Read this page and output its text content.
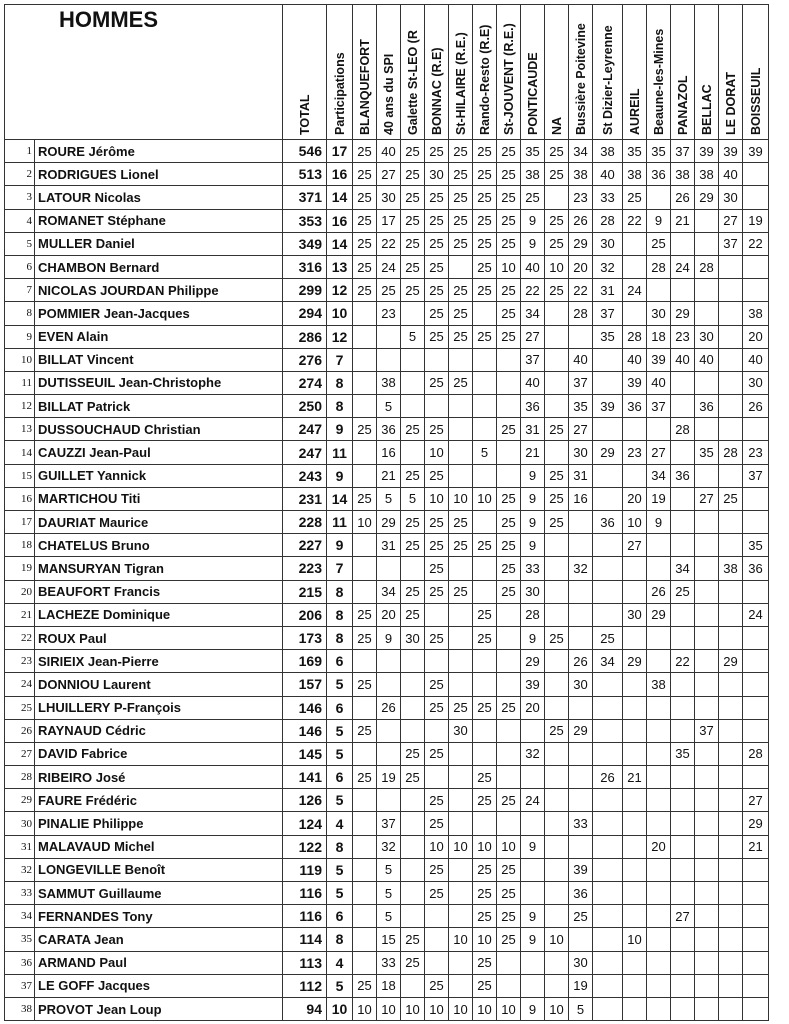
HOMMES		TOTAL	Participations	BLANQUEFORT	40 ans du SPI	Galette St-LEO (R	BONNAC (R.E)	St-HILAIRE (R.E.)	Rando-Resto (R.E)	St-JOUVENT (R.E.)	PONTICAUDE	NA	Bussière Poitevine	St Dizier-Leyrenne	AUREIL	Beaune-les-Mines	PANAZOL	BELLAC	LE DORAT	BOISSEUIL

1	ROURE Jérôme	546	17	25	40	25	25	25	25	25	35	25	34	38	35	35	37	39	39	39
2	RODRIGUES Lionel	513	16	25	27	25	30	25	25	25	38	25	38	40	38	36	38	38	40	
3	LATOUR Nicolas	371	14	25	30	25	25	25	25	25	25		23	33	25		26	29	30	
4	ROMANET Stéphane	353	16	25	17	25	25	25	25	25	9	25	26	28	22	9	21		27	19
5	MULLER Daniel	349	14	25	22	25	25	25	25	25	9	25	29	30		25			37	22
6	CHAMBON Bernard	316	13	25	24	25	25		25	10	40	10	20	32		28	24	28		
7	NICOLAS JOURDAN Philippe	299	12	25	25	25	25	25	25	25	22	25	22	31	24					
8	POMMIER Jean-Jacques	294	10		23		25	25		25	34		28	37		30	29			38
9	EVEN Alain	286	12			5	25	25	25	25	27			35	28	18	23	30		20
10	BILLAT Vincent	276	7								37		40		40	39	40	40		40
11	DUTISSEUIL Jean-Christophe	274	8		38		25	25			40		37		39	40				30
12	BILLAT Patrick	250	8		5						36		35	39	36	37		36		26
13	DUSSOUCHAUD Christian	247	9	25	36	25	25			25	31	25	27				28			
14	CAUZZI Jean-Paul	247	11		16		10		5		21		30	29	23	27		35	28	23
15	GUILLET Yannick	243	9		21	25	25				9	25	31			34	36			37
16	MARTICHOU Titi	231	14	25	5	5	10	10	10	25	9	25	16		20	19		27	25	
17	DAURIAT Maurice	228	11	10	29	25	25	25		25	9	25		36	10	9				
18	CHATELUS Bruno	227	9		31	25	25	25	25	25	9				27					35
19	MANSURYAN Tigran	223	7				25			25	33		32				34		38	36
20	BEAUFORT Francis	215	8		34	25	25	25		25	30					26	25			
21	LACHEZE Dominique	206	8	25	20	25			25		28				30	29				24
22	ROUX Paul	173	8	25	9	30	25		25		9	25		25						
23	SIRIEIX Jean-Pierre	169	6								29		26	34	29		22		29	
24	DONNIOU Laurent	157	5	25			25				39		30			38				
25	LHUILLERY P-François	146	6		26		25	25	25	25	20									
26	RAYNAUD Cédric	146	5	25				30				25	29					37		
27	DAVID Fabrice	145	5			25	25				32						35			28
28	RIBEIRO José	141	6	25	19	25			25					26	21					
29	FAURE Frédéric	126	5				25		25	25	24									27
30	PINALIE Philippe	124	4		37		25						33							29
31	MALAVAUD Michel	122	8		32		10	10	10	10	9					20				21
32	LONGEVILLE Benoît	119	5		5		25		25	25			39							
33	SAMMUT Guillaume	116	5		5		25		25	25			36							
34	FERNANDES Tony	116	6		5				25	25	9		25				27			
35	CARATA Jean	114	8		15	25		10	10	25	9	10			10					
36	ARMAND Paul	113	4		33	25			25				30							
37	LE GOFF Jacques	112	5	25	18		25		25				19							
38	PROVOT Jean Loup	94	10	10	10	10	10	10	10	10	9	10	5							
